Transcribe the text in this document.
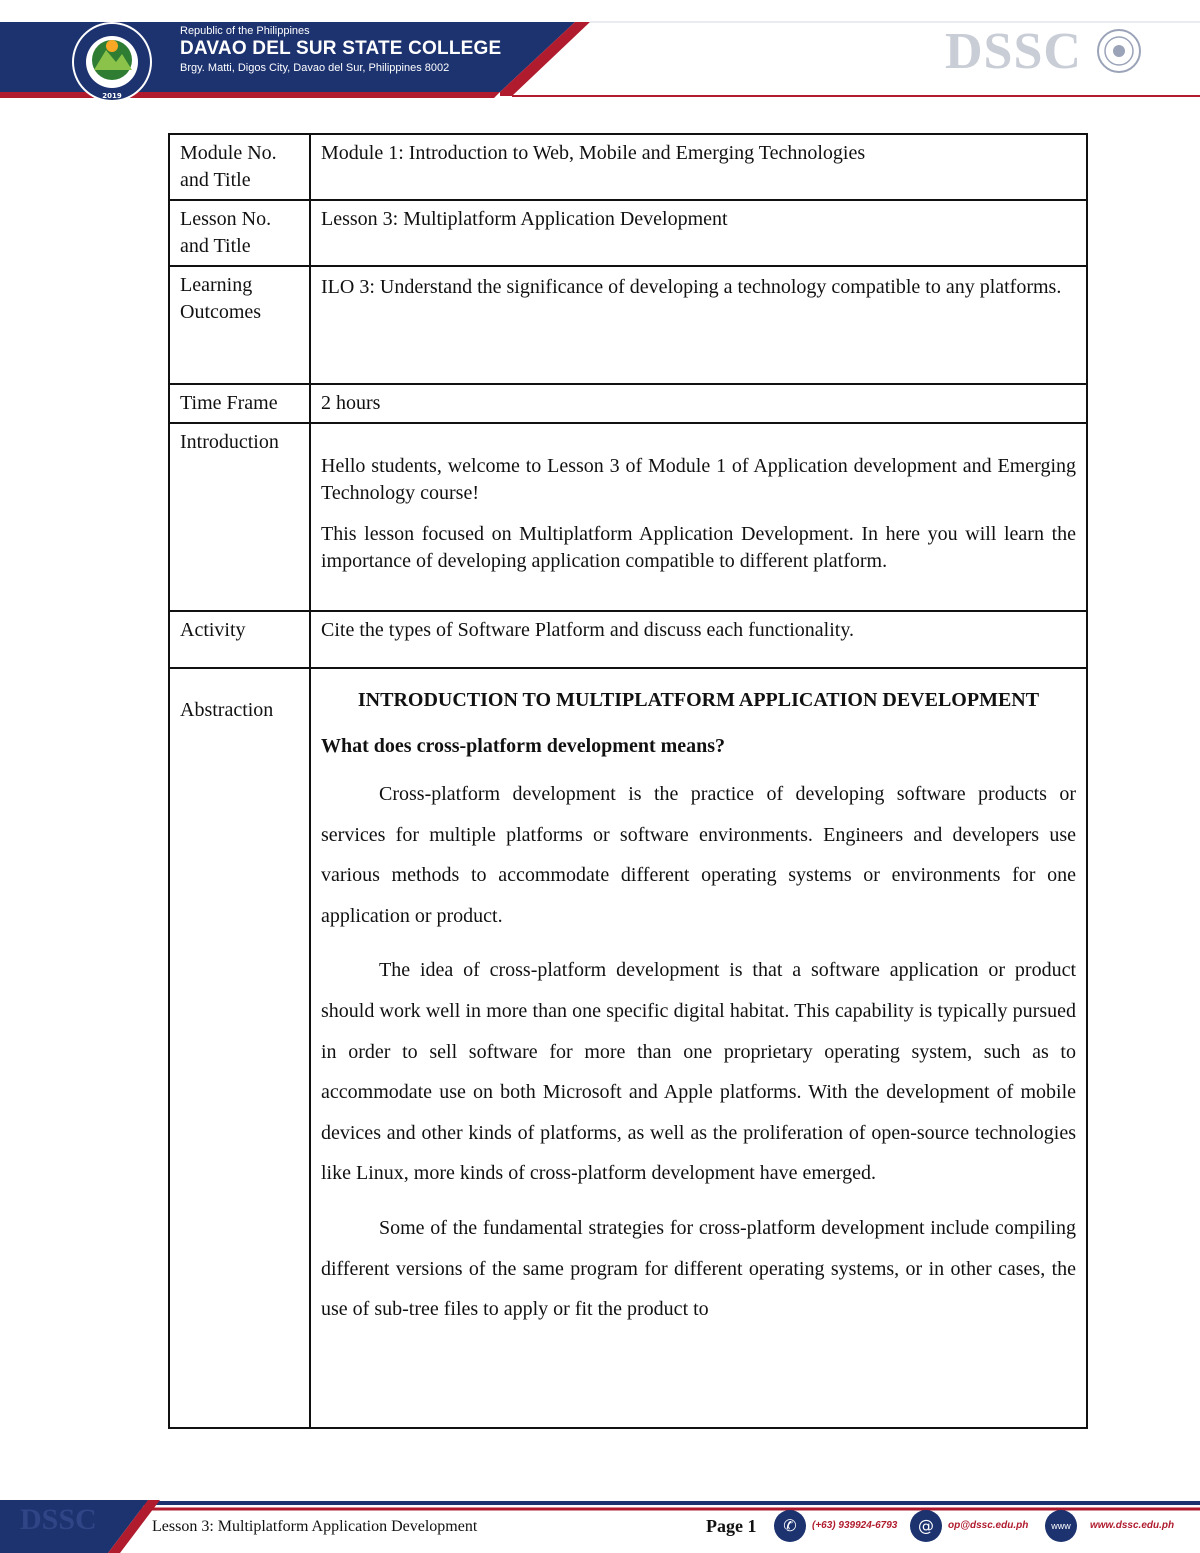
2019
Republic of the Philippines
DAVAO DEL SUR STATE COLLEGE
Brgy. Matti, Digos City, Davao del Sur, Philippines 8002	DSSC
Module No. and Title	Module 1: Introduction to Web, Mobile and Emerging Technologies
Lesson No. and Title	Lesson 3: Multiplatform Application Development
Learning Outcomes	ILO 3: Understand the significance of developing a technology compatible to any platforms.
Time Frame	2 hours
Introduction	Hello students, welcome to Lesson 3 of Module 1 of Application development and Emerging Technology course!

This lesson focused on Multiplatform Application Development. In here you will learn the importance of developing application compatible to different platform.

Activity	Cite the types of Software Platform and discuss each functionality.
Abstraction	INTRODUCTION TO MULTIPLATFORM APPLICATION DEVELOPMENT
What does cross-platform development means?

Cross-platform development is the practice of developing software products or services for multiple platforms or software environments. Engineers and developers use various methods to accommodate different operating systems or environments for one application or product.

The idea of cross-platform development is that a software application or product should work well in more than one specific digital habitat. This capability is typically pursued in order to sell software for more than one proprietary operating system, such as to accommodate use on both Microsoft and Apple platforms. With the development of mobile devices and other kinds of platforms, as well as the proliferation of open-source technologies like Linux, more kinds of cross-platform development have emerged.

Some of the fundamental strategies for cross-platform development include compiling different versions of the same program for different operating systems, or in other cases, the use of sub-tree files to apply or fit the product to

DSSC	Lesson 3: Multiplatform Application Development	Page 1	✆	(+63) 939924-6793	@	op@dssc.edu.ph	www	www.dssc.edu.ph
